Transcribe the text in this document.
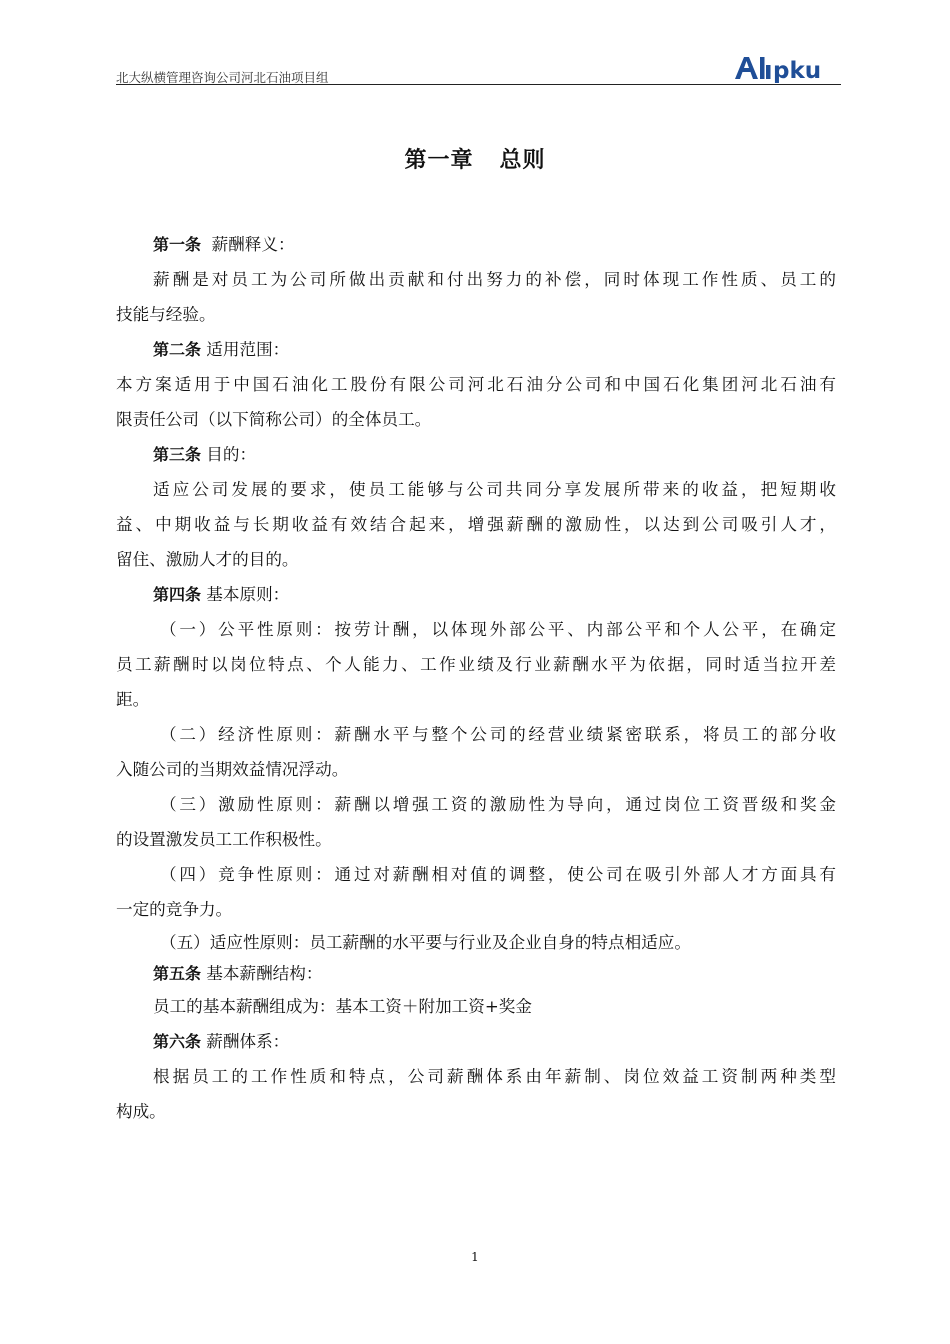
北大纵横管理咨询公司河北石油项目组	pku
第一章 总则
第一条 薪酬释义：
薪酬是对员工为公司所做出贡献和付出努力的补偿，同时体现工作性质、员工的
技能与经验。
第二条 适用范围：
本方案适用于中国石油化工股份有限公司河北石油分公司和中国石化集团河北石油有
限责任公司（以下简称公司）的全体员工。
第三条 目的：
适应公司发展的要求，使员工能够与公司共同分享发展所带来的收益，把短期收
益、中期收益与长期收益有效结合起来，增强薪酬的激励性，以达到公司吸引人才，
留住、激励人才的目的。
第四条 基本原则：
（一）公平性原则：按劳计酬，以体现外部公平、内部公平和个人公平，在确定
员工薪酬时以岗位特点、个人能力、工作业绩及行业薪酬水平为依据，同时适当拉开差
距。
（二）经济性原则：薪酬水平与整个公司的经营业绩紧密联系，将员工的部分收
入随公司的当期效益情况浮动。
（三）激励性原则：薪酬以增强工资的激励性为导向，通过岗位工资晋级和奖金
的设置激发员工工作积极性。
（四）竞争性原则：通过对薪酬相对值的调整，使公司在吸引外部人才方面具有
一定的竞争力。
（五）适应性原则：员工薪酬的水平要与行业及企业自身的特点相适应。
第五条 基本薪酬结构：
员工的基本薪酬组成为：基本工资＋附加工资+奖金
第六条 薪酬体系：
根据员工的工作性质和特点，公司薪酬体系由年薪制、岗位效益工资制两种类型
构成。
1
